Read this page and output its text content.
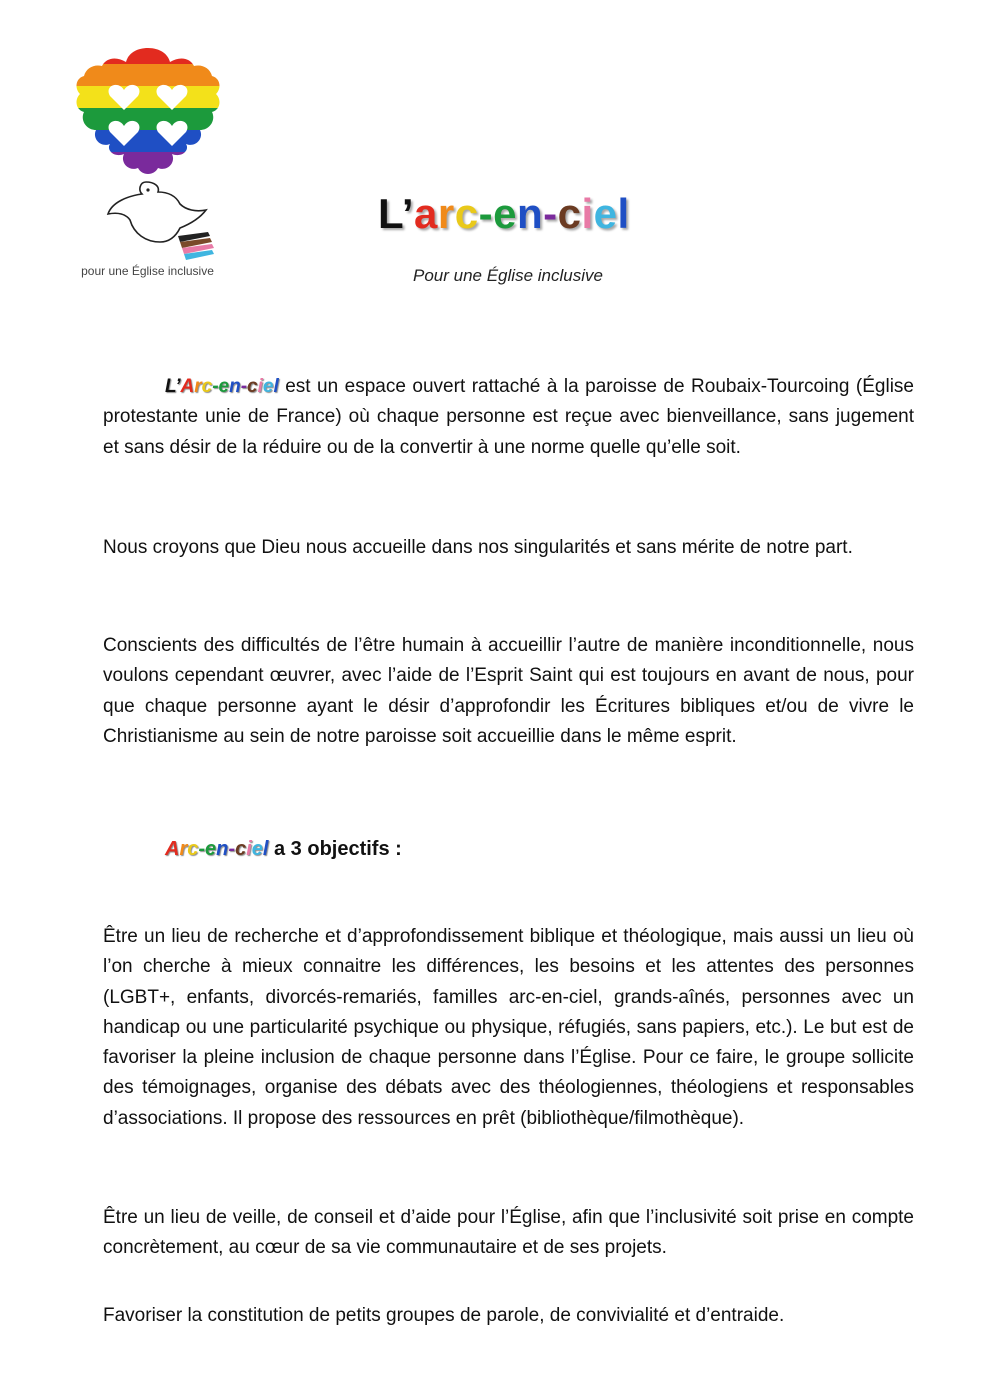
pour une Église inclusive
L’arc-en-ciel
Pour une Église inclusive
L’Arc-en-ciel est un espace ouvert rattaché à la paroisse de Roubaix-Tourcoing (Église protestante unie de France) où chaque personne est reçue avec bienveillance, sans jugement et sans désir de la réduire ou de la convertir à une norme quelle qu’elle soit.
Nous croyons que Dieu nous accueille dans nos singularités et sans mérite de notre part.
Conscients des difficultés de l’être humain à accueillir l’autre de manière inconditionnelle, nous voulons cependant œuvrer, avec l’aide de l’Esprit Saint qui est toujours en avant de nous, pour que chaque personne ayant le désir d’approfondir les Écritures bibliques et/ou de vivre le Christianisme au sein de notre paroisse soit accueillie dans le même esprit.
Arc-en-ciel a 3 objectifs :
Être un lieu de recherche et d’approfondissement biblique et théologique, mais aussi un lieu où l’on cherche à mieux connaitre les différences, les besoins et les attentes des personnes (LGBT+, enfants, divorcés-remariés, familles arc-en-ciel, grands-aînés, personnes avec un handicap ou une particularité psychique ou physique, réfugiés, sans papiers, etc.). Le but est de favoriser la pleine inclusion de chaque personne dans l’Église. Pour ce faire, le groupe sollicite des témoignages, organise des débats avec des théologiennes, théologiens et responsables d’associations. Il propose des ressources en prêt (bibliothèque/filmothèque).
Être un lieu de veille, de conseil et d’aide pour l’Église, afin que l’inclusivité soit prise en compte concrètement, au cœur de sa vie communautaire et de ses projets.
Favoriser la constitution de petits groupes de parole, de convivialité et d’entraide.
